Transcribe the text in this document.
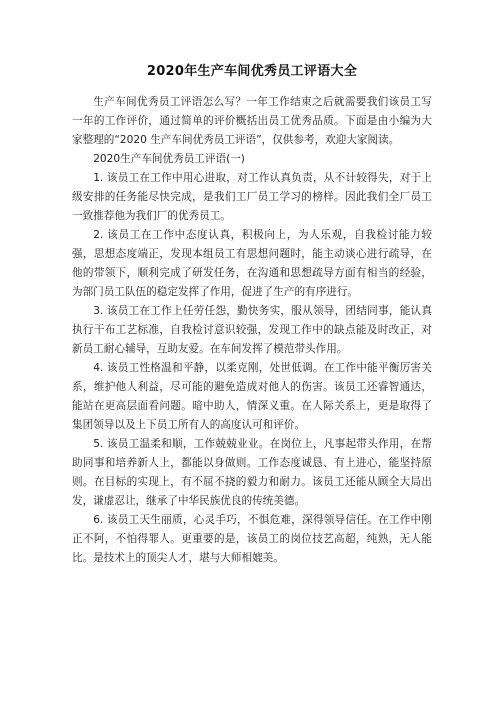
2020年生产车间优秀员工评语大全

生产车间优秀员工评语怎么写？一年工作结束之后就需要我们该员工写一年的工作评价，通过简单的评价概括出员工优秀品质。下面是由小编为大家整理的“2020 生产车间优秀员工评语”，仅供参考，欢迎大家阅读。

2020生产车间优秀员工评语(一)

1. 该员工在工作中用心进取，对工作认真负责，从不计较得失，对于上级安排的任务能尽快完成，是我们工厂员工学习的榜样。因此我们全厂员工一致推荐他为我们厂的优秀员工。

2. 该员工在工作中态度认真，积极向上，为人乐观，自我检讨能力较强，思想态度端正，发现本组员工有思想问题时，能主动谈心进行疏导，在他的带领下，顺利完成了研发任务，在沟通和思想疏导方面有相当的经验，为部门员工队伍的稳定发挥了作用，促进了生产的有序进行。

3. 该员工在工作上任劳任怨，勤快务实，服从领导，团结同事，能认真执行干布工艺标准，自我检讨意识较强，发现工作中的缺点能及时改正，对新员工耐心辅导，互助友爱。在车间发挥了模范带头作用。

4. 该员工性格温和平静，以柔克刚，处世低调。在工作中能平衡厉害关系，维护他人利益，尽可能的避免造成对他人的伤害。该员工还睿智通达，能站在更高层面看问题。暗中助人，情深义重。在人际关系上，更是取得了集团领导以及上下员工所有人的高度认可和评价。

5. 该员工温柔和顺，工作兢兢业业。在岗位上，凡事起带头作用，在帮助同事和培养新人上，都能以身做则。工作态度诚恳、有上进心，能坚持原则。在目标的实现上，有不屈不挠的毅力和耐力。该员工还能从顾全大局出发，谦虚忍让，继承了中华民族优良的传统美德。

6. 该员工天生丽质，心灵手巧，不惧危难，深得领导信任。在工作中刚正不阿，不怕得罪人。更重要的是，该员工的岗位技艺高超，纯熟，无人能比。是技术上的顶尖人才，堪与大师相媲美。
